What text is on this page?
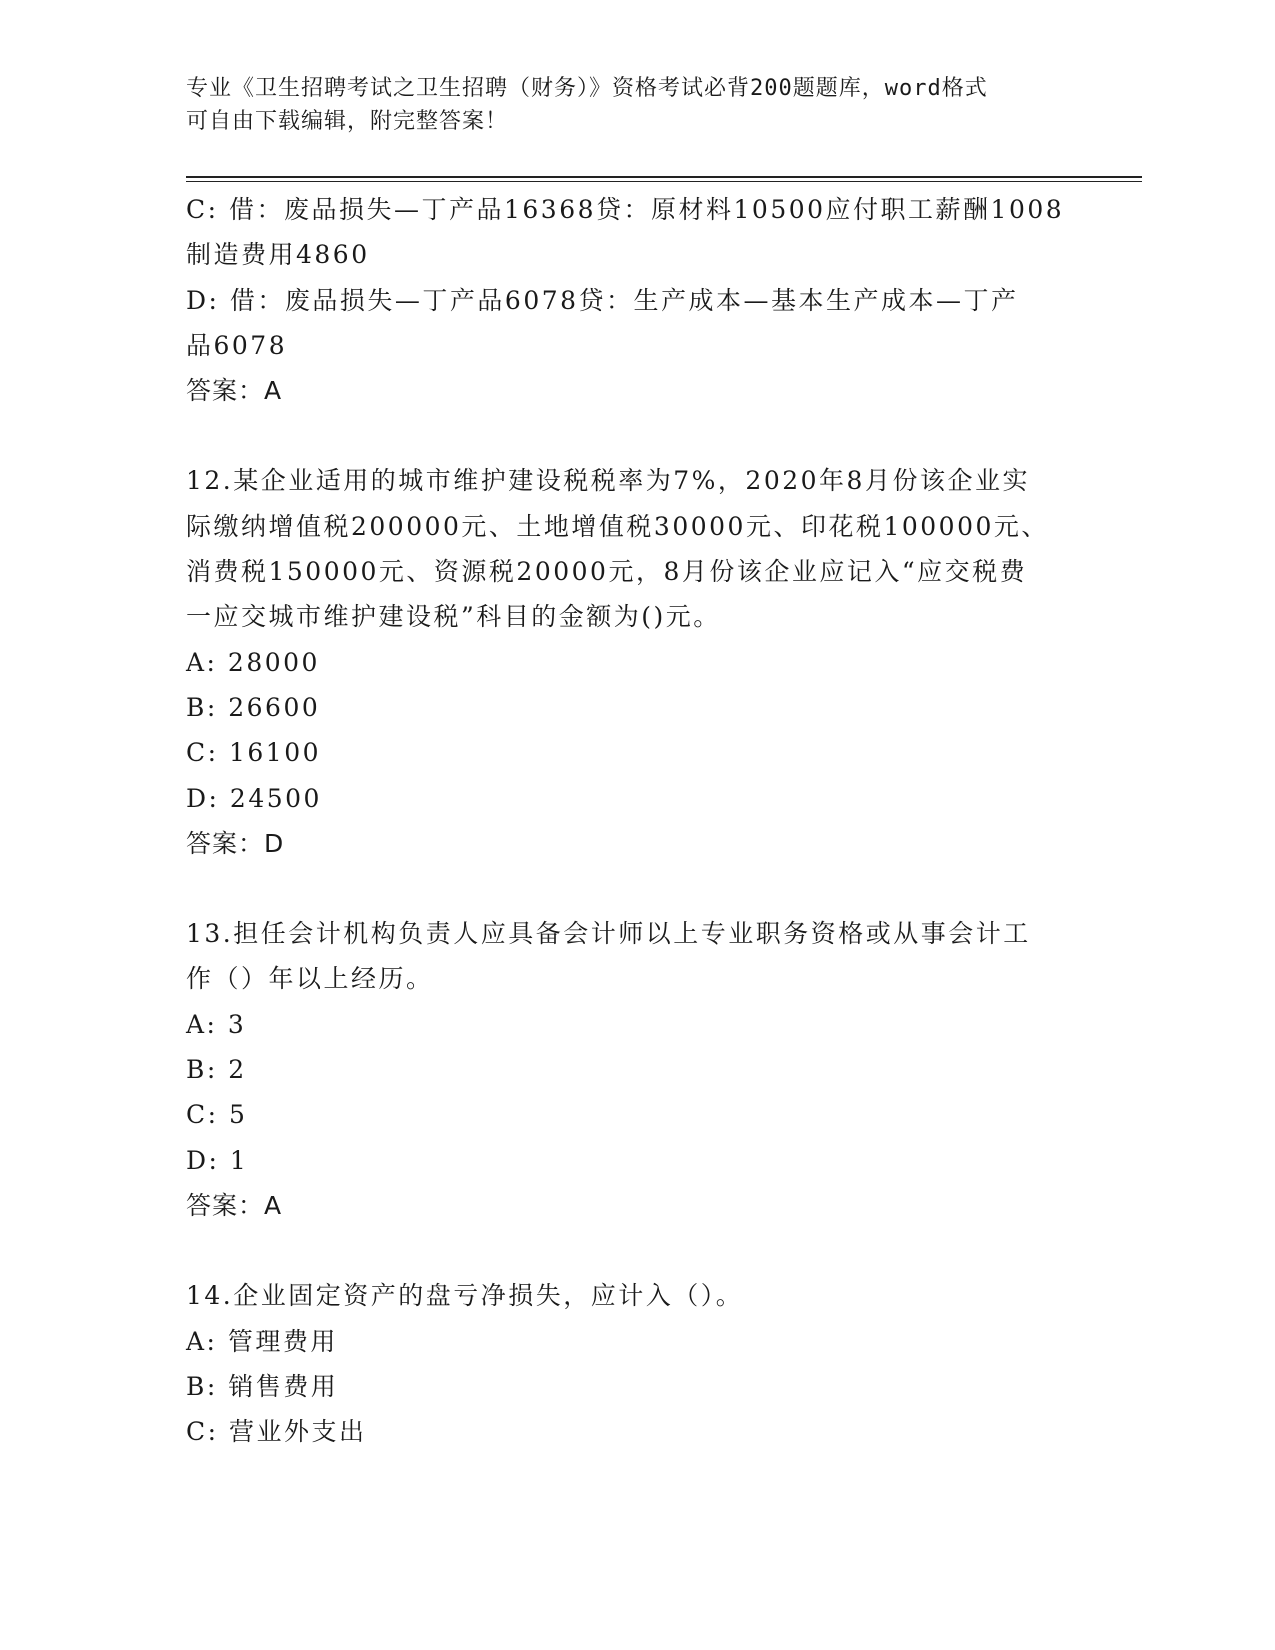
专业《卫生招聘考试之卫生招聘（财务）》资格考试必背200题题库，word格式
可自由下载编辑，附完整答案！
C: 借：废品损失—丁产品16368贷：原材料10500应付职工薪酬1008
制造费用4860
D: 借：废品损失—丁产品6078贷：生产成本—基本生产成本—丁产
品6078
答案：A
12.某企业适用的城市维护建设税税率为7%，2020年8月份该企业实
际缴纳增值税200000元、土地增值税30000元、印花税100000元、
消费税150000元、资源税20000元，8月份该企业应记入“应交税费
一应交城市维护建设税”科目的金额为()元。
A: 28000
B: 26600
C: 16100
D: 24500
答案：D
13.担任会计机构负责人应具备会计师以上专业职务资格或从事会计工
作（）年以上经历。
A: 3
B: 2
C: 5
D: 1
答案：A
14.企业固定资产的盘亏净损失，应计入（）。
A: 管理费用
B: 销售费用
C: 营业外支出
